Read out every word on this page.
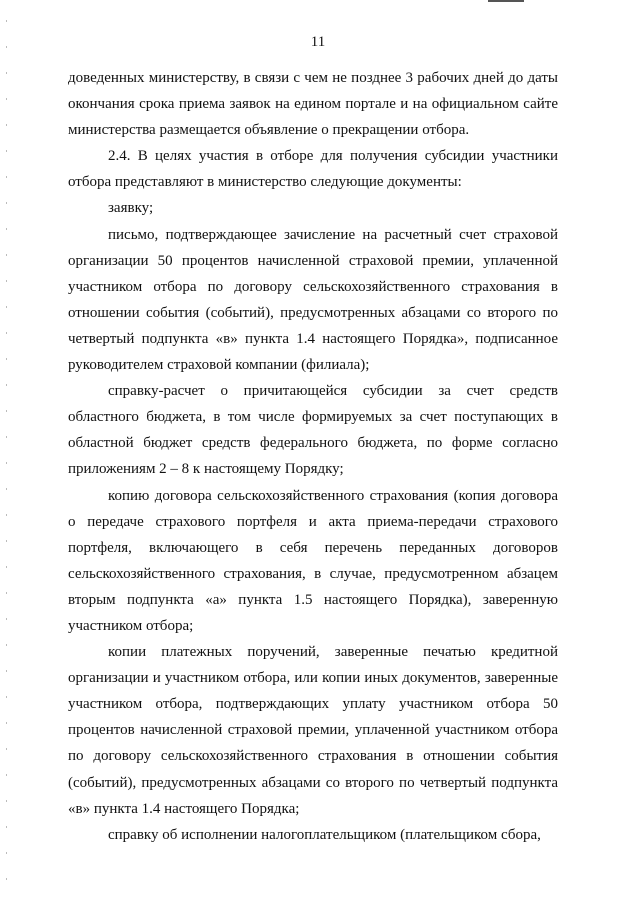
11

доведенных министерству, в связи с чем не позднее 3 рабочих дней до даты окончания срока приема заявок на едином портале и на официальном сайте министерства размещается объявление о прекращении отбора.

2.4. В целях участия в отборе для получения субсидии участники отбора представляют в министерство следующие документы:

заявку;

письмо, подтверждающее зачисление на расчетный счет страховой организации 50 процентов начисленной страховой премии, уплаченной участником отбора по договору сельскохозяйственного страхования в отношении события (событий), предусмотренных абзацами со второго по четвертый подпункта «в» пункта 1.4 настоящего Порядка», подписанное руководителем страховой компании (филиала);

справку-расчет о причитающейся субсидии за счет средств областного бюджета, в том числе формируемых за счет поступающих в областной бюджет средств федерального бюджета, по форме согласно приложениям 2 – 8 к настоящему Порядку;

копию договора сельскохозяйственного страхования (копия договора о передаче страхового портфеля и акта приема-передачи страхового портфеля, включающего в себя перечень переданных договоров сельскохозяйственного страхования, в случае, предусмотренном абзацем вторым подпункта «а» пункта 1.5 настоящего Порядка), заверенную участником отбора;

копии платежных поручений, заверенные печатью кредитной организации и участником отбора, или копии иных документов, заверенные участником отбора, подтверждающих уплату участником отбора 50 процентов начисленной страховой премии, уплаченной участником отбора по договору сельскохозяйственного страхования в отношении события (событий), предусмотренных абзацами со второго по четвертый подпункта «в» пункта 1.4 настоящего Порядка;

справку об исполнении налогоплательщиком (плательщиком сбора,
